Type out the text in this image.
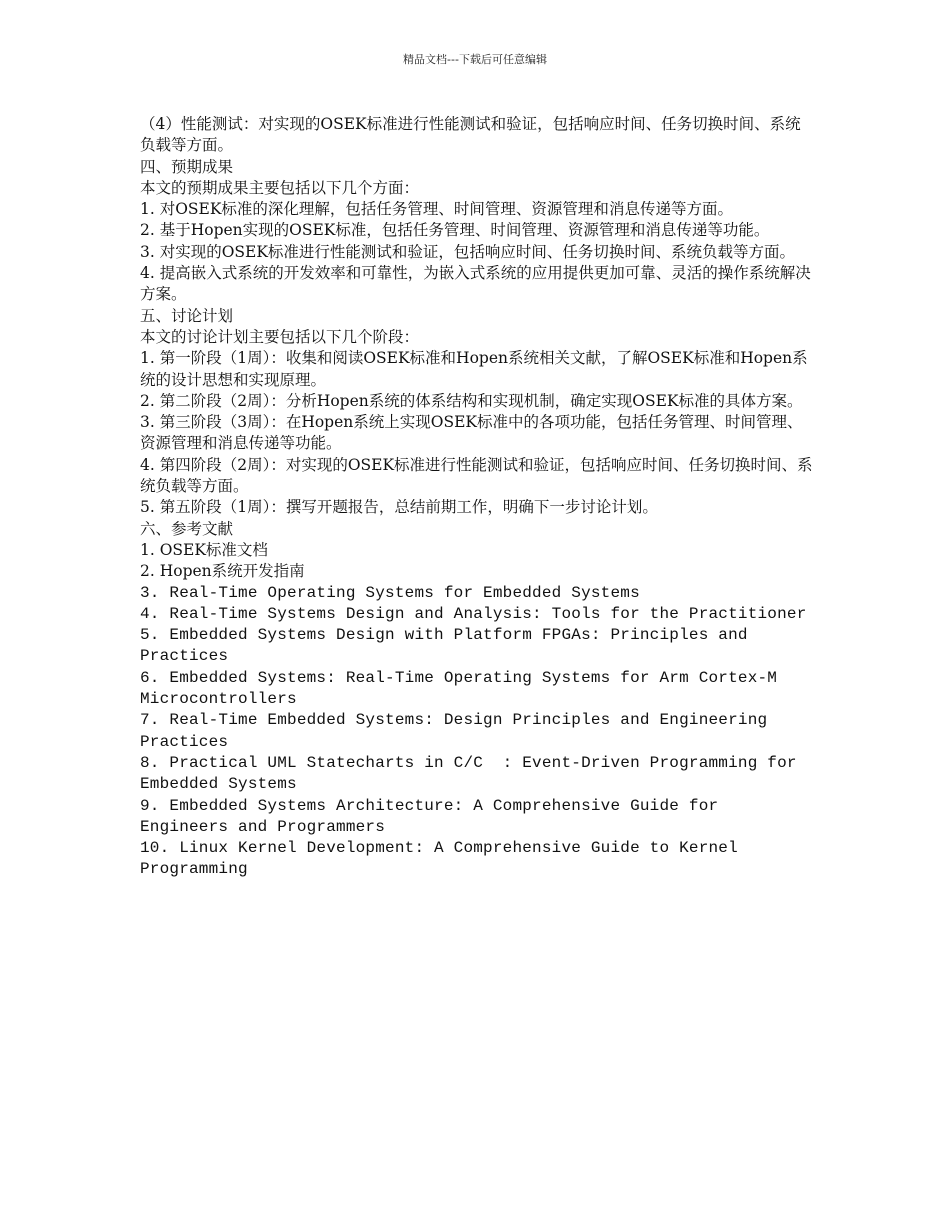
精品文档---下载后可任意编辑
（4）性能测试：对实现的OSEK标准进行性能测试和验证，包括响应时间、任务切换时间、系统负载等方面。
四、预期成果
本文的预期成果主要包括以下几个方面：
1. 对OSEK标准的深化理解，包括任务管理、时间管理、资源管理和消息传递等方面。
2. 基于Hopen实现的OSEK标准，包括任务管理、时间管理、资源管理和消息传递等功能。
3. 对实现的OSEK标准进行性能测试和验证，包括响应时间、任务切换时间、系统负载等方面。
4. 提高嵌入式系统的开发效率和可靠性，为嵌入式系统的应用提供更加可靠、灵活的操作系统解决方案。
五、讨论计划
本文的讨论计划主要包括以下几个阶段：
1. 第一阶段（1周）：收集和阅读OSEK标准和Hopen系统相关文献，了解OSEK标准和Hopen系统的设计思想和实现原理。
2. 第二阶段（2周）：分析Hopen系统的体系结构和实现机制，确定实现OSEK标准的具体方案。
3. 第三阶段（3周）：在Hopen系统上实现OSEK标准中的各项功能，包括任务管理、时间管理、资源管理和消息传递等功能。
4. 第四阶段（2周）：对实现的OSEK标准进行性能测试和验证，包括响应时间、任务切换时间、系统负载等方面。
5. 第五阶段（1周）：撰写开题报告，总结前期工作，明确下一步讨论计划。
六、参考文献
1. OSEK标准文档
2. Hopen系统开发指南
3. Real-Time Operating Systems for Embedded Systems
4. Real-Time Systems Design and Analysis: Tools for the Practitioner
5. Embedded Systems Design with Platform FPGAs: Principles and Practices
6. Embedded Systems: Real-Time Operating Systems for Arm Cortex-M Microcontrollers
7. Real-Time Embedded Systems: Design Principles and Engineering Practices
8. Practical UML Statecharts in C/C  : Event-Driven Programming for Embedded Systems
9. Embedded Systems Architecture: A Comprehensive Guide for Engineers and Programmers
10. Linux Kernel Development: A Comprehensive Guide to Kernel Programming
